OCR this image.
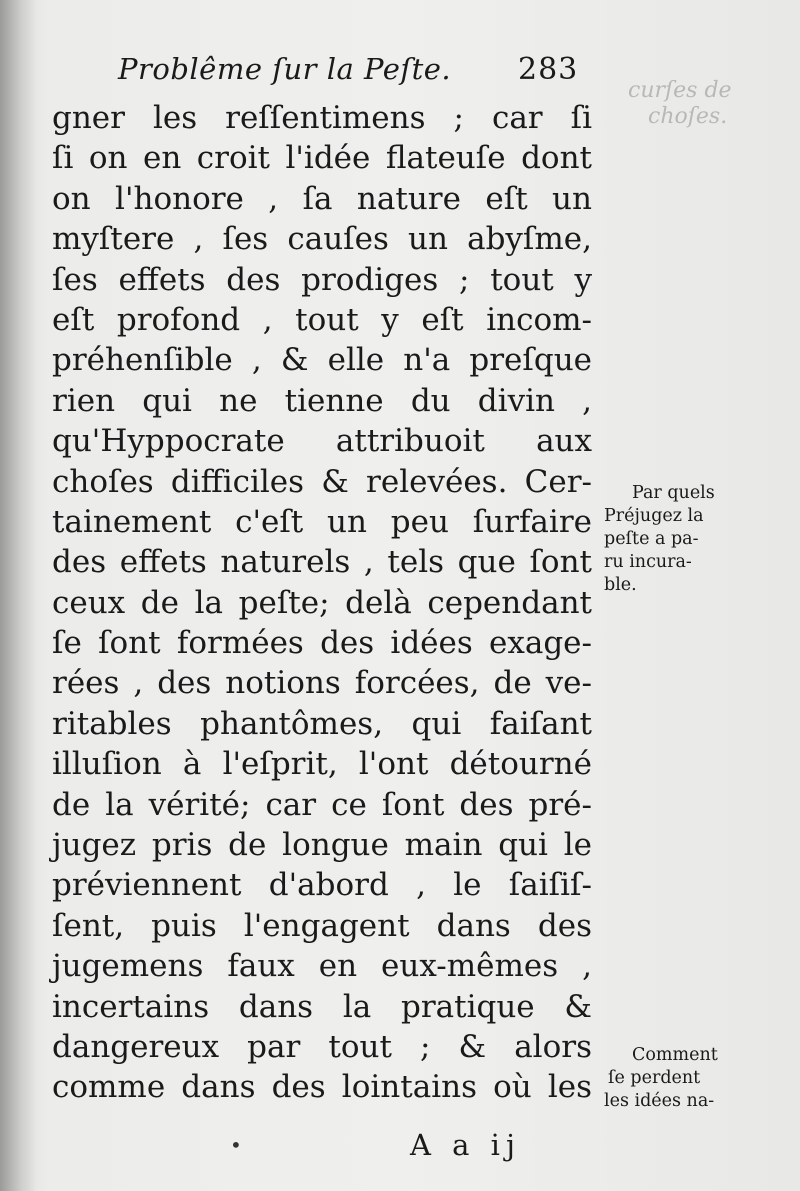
curſes de
choſes.
Problême ſur la Peſte. 283
gner les reſſentimens ; car ſi
ſi on en croit l'idée flateuſe dont
on l'honore , ſa nature eſt un
myſtere , ſes cauſes un abyſme,
ſes effets des prodiges ; tout y
eſt profond , tout y eſt incom-
préhenſible , & elle n'a preſque
rien qui ne tienne du divin ,
qu'Hyppocrate attribuoit aux
choſes difficiles & relevées. Cer-
tainement c'eſt un peu ſurfaire
des effets naturels , tels que ſont
ceux de la peſte; delà cependant
ſe ſont formées des idées exage-
rées , des notions forcées, de ve-
ritables phantômes, qui faiſant
illuſion à l'eſprit, l'ont détourné
de la vérité; car ce ſont des pré-
jugez pris de longue main qui le
préviennent d'abord , le ſaiſiſ-
ſent, puis l'engagent dans des
jugemens faux en eux-mêmes ,
incertains dans la pratique &
dangereux par tout ; & alors
comme dans des lointains où les
Par quels
Préjugez la
peſte a pa-
ru incura-
ble.
Comment
ſe perdent
les idées na-
•	A a ij
